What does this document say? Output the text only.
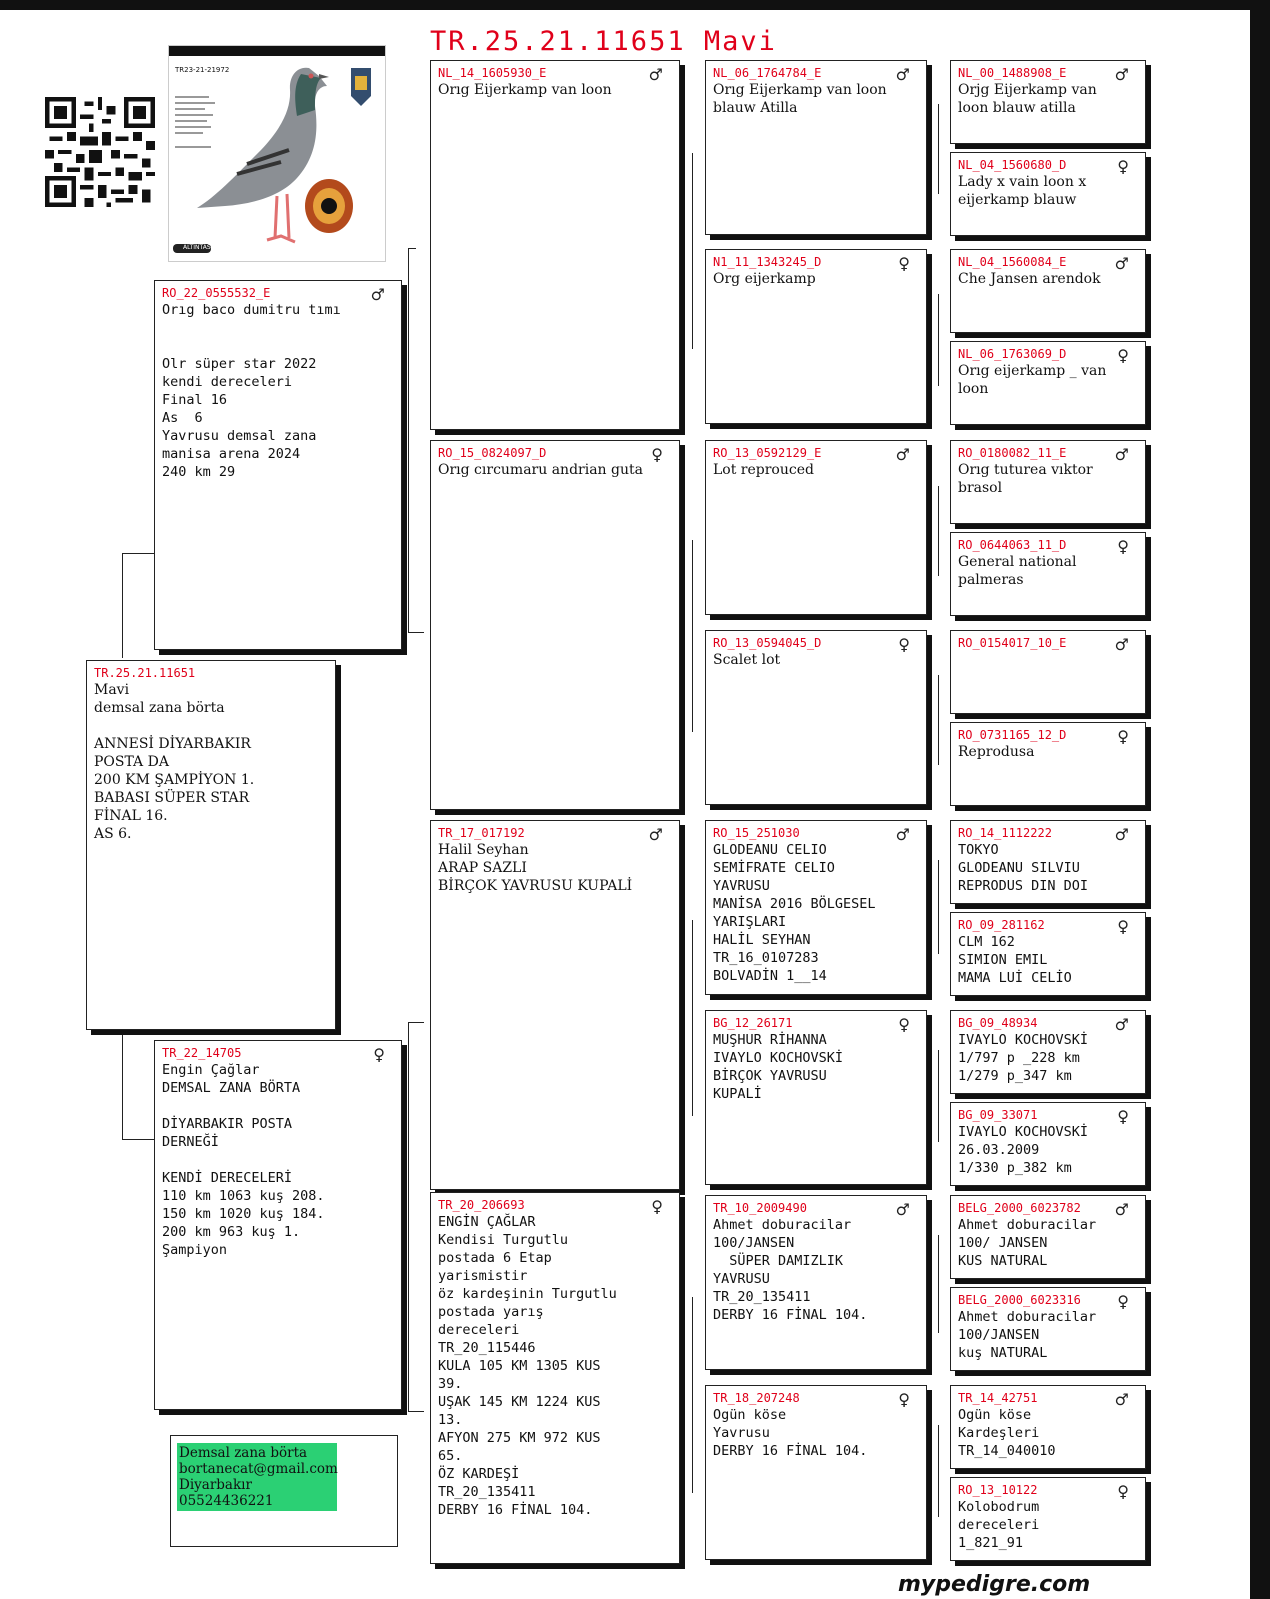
TR.25.21.11651 Mavi
TR23-21-21972
ALTINTAS
TR.25.21.11651
Mavi
demsal zana börta

ANNESİ DİYARBAKIR
POSTA DA
200 KM ŞAMPİYON 1.
BABASI SÜPER STAR
FİNAL 16.
AS 6.
RO_22_0555532_E	♂
Orıg baco dumitru tımı

Olr süper star 2022
kendi dereceleri
Final 16
As  6
Yavrusu demsal zana
manisa arena 2024
240 km 29
TR_22_14705	♀
Engin Çağlar
DEMSAL ZANA BÖRTA

DİYARBAKIR POSTA
DERNEĞİ

KENDİ DERECELERİ
110 km 1063 kuş 208.
150 km 1020 kuş 184.
200 km 963 kuş 1.
Şampiyon
NL_14_1605930_E	♂
Orıg Eijerkamp van loon
RO_15_0824097_D	♀
Orıg cırcumaru andrian guta
TR_17_017192	♂
Halil Seyhan
ARAP SAZLI
BİRÇOK YAVRUSU KUPALİ
TR_20_206693	♀
ENGİN ÇAĞLAR
Kendisi Turgutlu
postada 6 Etap
yarismistir
öz kardeşinin Turgutlu
postada yarış
dereceleri
TR_20_115446
KULA 105 KM 1305 KUS
39.
UŞAK 145 KM 1224 KUS
13.
AFYON 275 KM 972 KUS
65.
ÖZ KARDEŞİ
TR_20_135411
DERBY 16 FİNAL 104.
NL_06_1764784_E	♂
Orıg Eijerkamp van loon
blauw Atilla
N1_11_1343245_D	♀
Org eijerkamp
RO_13_0592129_E	♂
Lot reprouced
RO_13_0594045_D	♀
Scalet lot
RO_15_251030	♂
GLODEANU CELIO
SEMİFRATE CELIO
YAVRUSU
MANİSA 2016 BÖLGESEL
YARIŞLARI
HALİL SEYHAN
TR_16_0107283
BOLVADİN 1__14
BG_12_26171	♀
MUŞHUR RİHANNA
IVAYLO KOCHOVSKİ
BİRÇOK YAVRUSU
KUPALİ
TR_10_2009490	♂
Ahmet doburacilar
100/JANSEN
SÜPER DAMIZLIK
YAVRUSU
TR_20_135411
DERBY 16 FİNAL 104.
TR_18_207248	♀
Ogün köse
Yavrusu
DERBY 16 FİNAL 104.
NL_00_1488908_E	♂
Orjg Eijerkamp van
loon blauw atilla
NL_04_1560680_D	♀
Lady x vain loon x
eijerkamp blauw
NL_04_1560084_E	♂
Che Jansen arendok
NL_06_1763069_D	♀
Orıg eijerkamp _ van
loon
RO_0180082_11_E	♂
Orıg tuturea vıktor
brasol
RO_0644063_11_D	♀
General national
palmeras
RO_0154017_10_E	♂
RO_0731165_12_D	♀
Reprodusa
RO_14_1112222	♂
TOKYO
GLODEANU SILVIU
REPRODUS DIN DOI
RO_09_281162	♀
CLM 162
SIMION EMIL
MAMA LUİ CELİO
BG_09_48934	♂
IVAYLO KOCHOVSKİ
1/797 p _228 km
1/279 p_347 km
BG_09_33071	♀
IVAYLO KOCHOVSKİ
26.03.2009
1/330 p_382 km
BELG_2000_6023782	♂
Ahmet doburacilar
100/ JANSEN
KUS NATURAL
BELG_2000_6023316	♀
Ahmet doburacilar
100/JANSEN
kuş NATURAL
TR_14_42751	♂
Ogün köse
Kardeşleri
TR_14_040010
RO_13_10122	♀
Kolobodrum
dereceleri
1_821_91
Demsal zana börta
bortanecat@gmail.com
Diyarbakır
05524436221
mypedigre.com
